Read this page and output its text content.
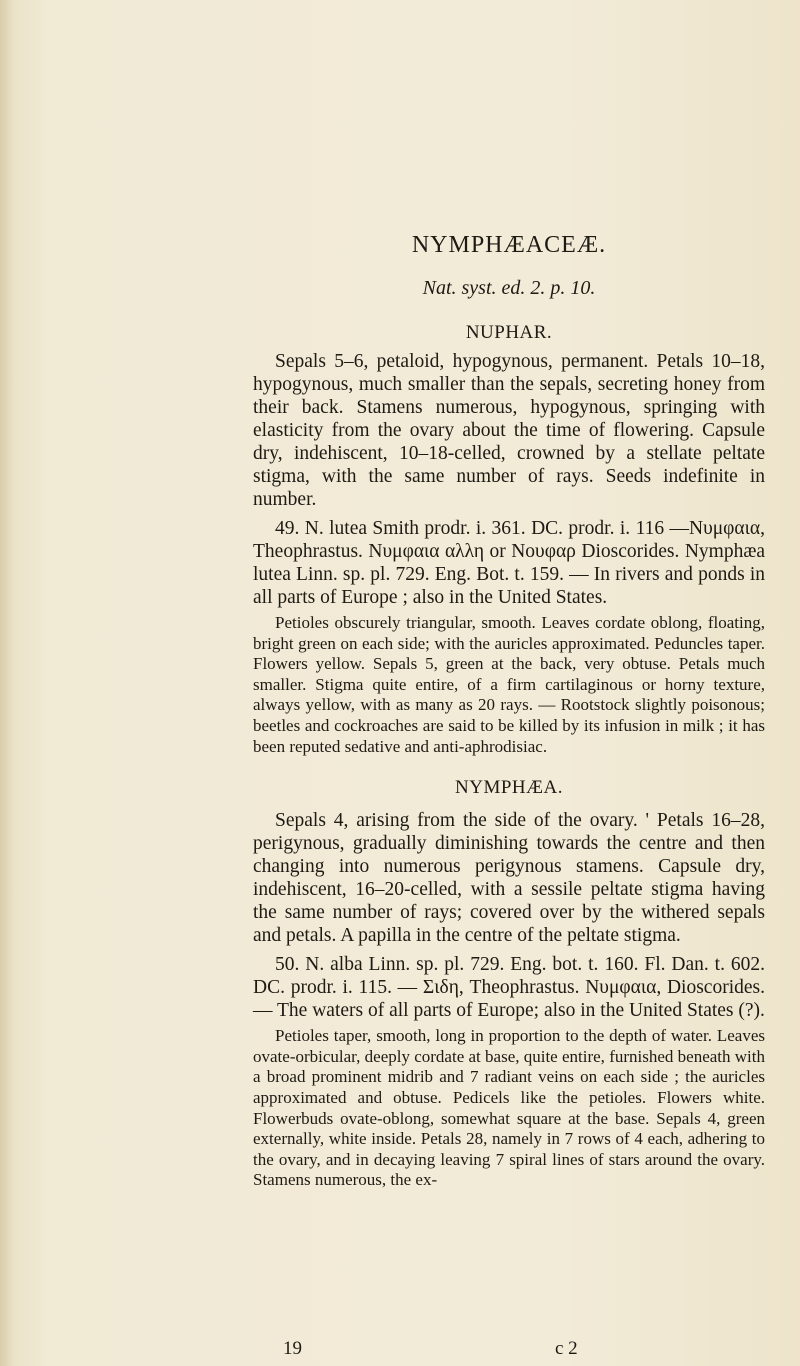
NYMPHÆACEÆ.
Nat. syst. ed. 2. p. 10.
NUPHAR.

Sepals 5–6, petaloid, hypogynous, permanent. Petals 10–18, hypogynous, much smaller than the sepals, secreting honey from their back. Stamens numerous, hypogynous, springing with elasticity from the ovary about the time of flowering. Capsule dry, indehiscent, 10–18-celled, crowned by a stellate peltate stigma, with the same number of rays. Seeds indefinite in number.

49. N. lutea Smith prodr. i. 361. DC. prodr. i. 116 —Νυμφαια, Theophrastus. Νυμφαια αλλη or Νουφαρ Dioscorides. Nymphæa lutea Linn. sp. pl. 729. Eng. Bot. t. 159. — In rivers and ponds in all parts of Europe ; also in the United States.

Petioles obscurely triangular, smooth. Leaves cordate oblong, floating, bright green on each side; with the auricles approximated. Peduncles taper. Flowers yellow. Sepals 5, green at the back, very obtuse. Petals much smaller. Stigma quite entire, of a firm cartilaginous or horny texture, always yellow, with as many as 20 rays. — Rootstock slightly poisonous; beetles and cockroaches are said to be killed by its infusion in milk ; it has been reputed sedative and anti-aphrodisiac.

NYMPHÆA.

Sepals 4, arising from the side of the ovary. ' Petals 16–28, perigynous, gradually diminishing towards the centre and then changing into numerous perigynous stamens. Capsule dry, indehiscent, 16–20-celled, with a sessile peltate stigma having the same number of rays; covered over by the withered sepals and petals. A papilla in the centre of the peltate stigma.

50. N. alba Linn. sp. pl. 729. Eng. bot. t. 160. Fl. Dan. t. 602. DC. prodr. i. 115. — Σιδη, Theophrastus. Νυμφαια, Dioscorides. — The waters of all parts of Europe; also in the United States (?).

Petioles taper, smooth, long in proportion to the depth of water. Leaves ovate-orbicular, deeply cordate at base, quite entire, furnished beneath with a broad prominent midrib and 7 radiant veins on each side ; the auricles approximated and obtuse. Pedicels like the petioles. Flowers white. Flowerbuds ovate-oblong, somewhat square at the base. Sepals 4, green externally, white inside. Petals 28, namely in 7 rows of 4 each, adhering to the ovary, and in decaying leaving 7 spiral lines of stars around the ovary. Stamens numerous, the ex-

19	c 2
